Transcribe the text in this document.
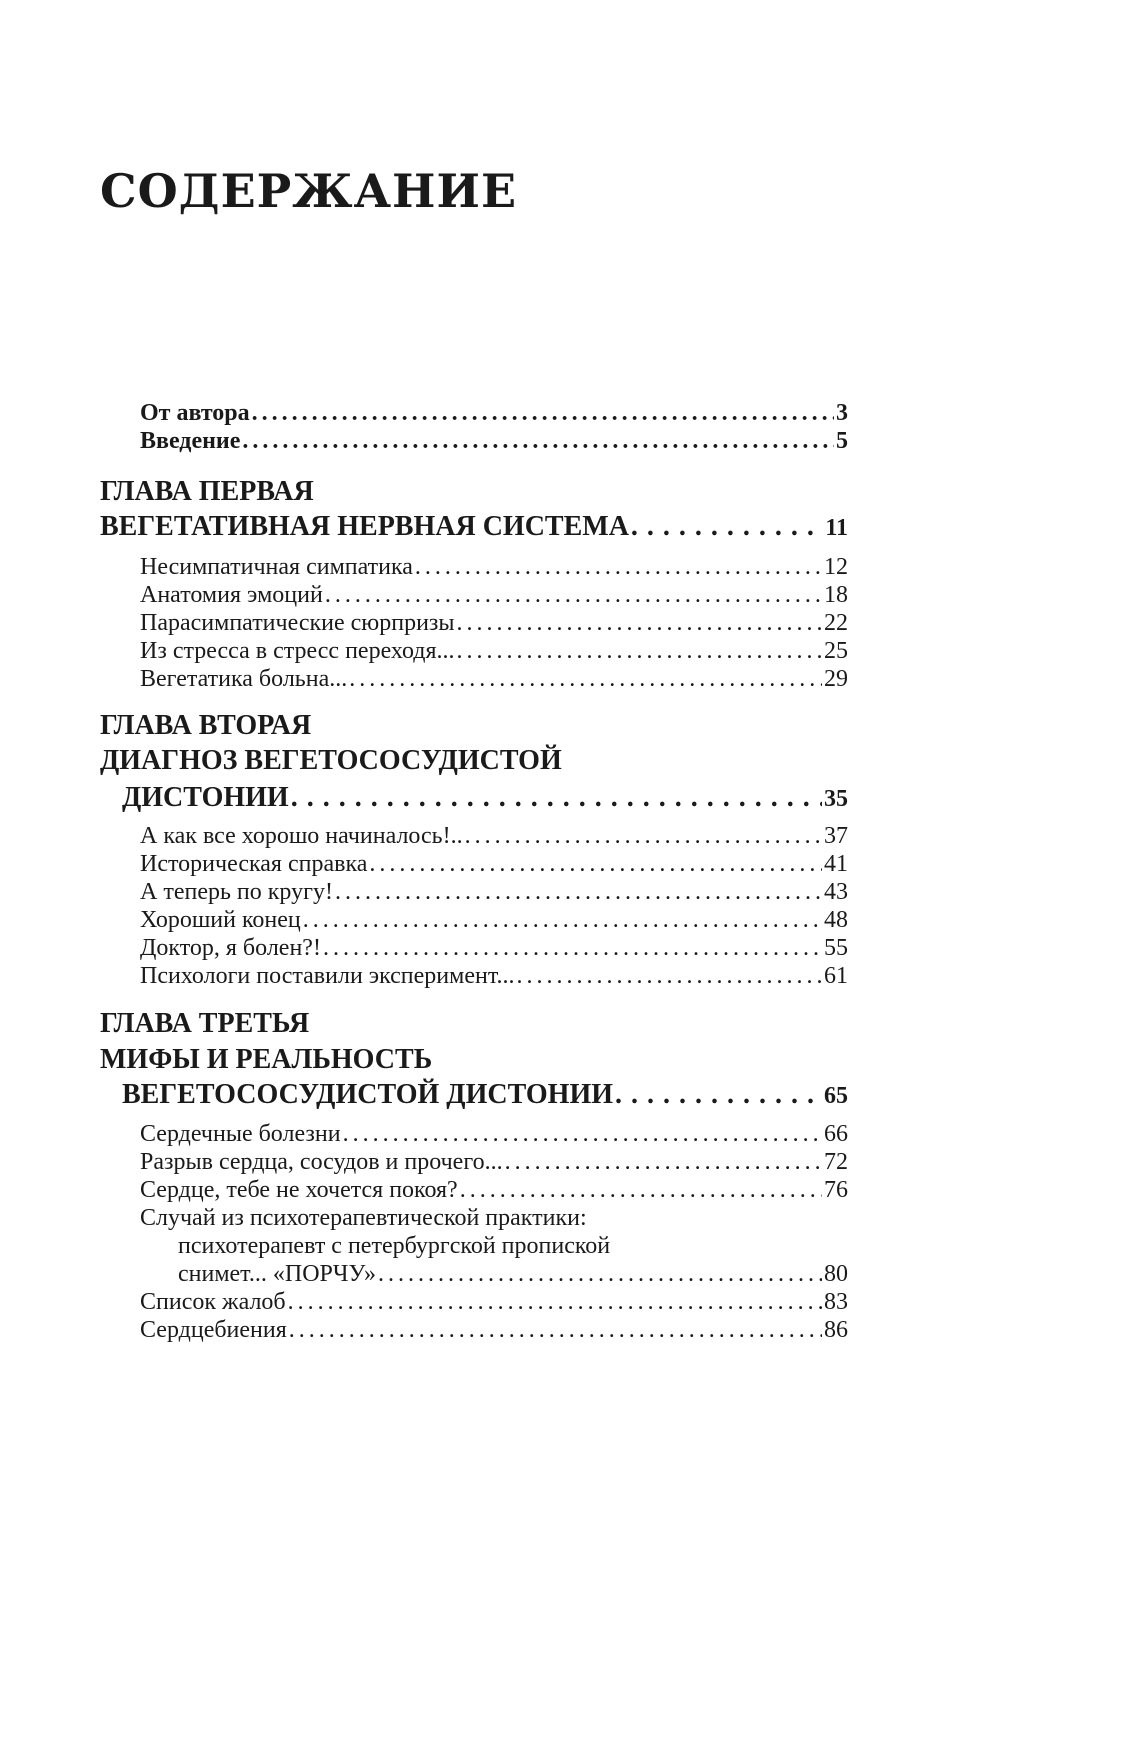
СОДЕРЖАНИЕ
От автора .....	3
Введение .....	5
ГЛАВА ПЕРВАЯ
ВЕГЕТАТИВНАЯ НЕРВНАЯ СИСТЕМА .....	11
Несимпатичная симпатика .....	12
Анатомия эмоций .....	18
Парасимпатические сюрпризы .....	22
Из стресса в стресс переходя... .....	25
Вегетатика больна... .....	29
ГЛАВА ВТОРАЯ
ДИАГНОЗ ВЕГЕТОСОСУДИСТОЙ
ДИСТОНИИ .....	35
А как все хорошо начиналось!.. .....	37
Историческая справка .....	41
А теперь по кругу! .....	43
Хороший конец .....	48
Доктор, я болен?! .....	55
Психологи поставили эксперимент... .....	61
ГЛАВА ТРЕТЬЯ
МИФЫ И РЕАЛЬНОСТЬ
ВЕГЕТОСОСУДИСТОЙ ДИСТОНИИ .....	65
Сердечные болезни .....	66
Разрыв сердца, сосудов и прочего... .....	72
Сердце, тебе не хочется покоя? .....	76
Случай из психотерапевтической практики:
психотерапевт с петербургской пропиской
снимет... «ПОРЧУ» .....	80
Список жалоб .....	83
Сердцебиения .....	86
